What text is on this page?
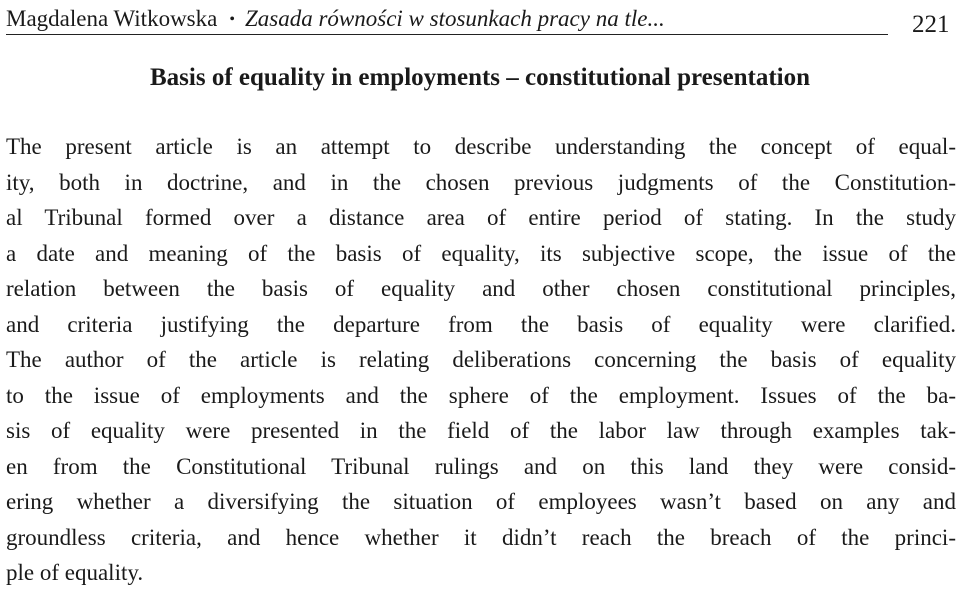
Magdalena Witkowska • Zasada równości w stosunkach pracy na tle...	221
Basis of equality in employments – constitutional presentation
The present article is an attempt to describe understanding the concept of equal-
ity, both in doctrine, and in the chosen previous judgments of the Constitution-
al Tribunal formed over a distance area of entire period of stating. In the study
a date and meaning of the basis of equality, its subjective scope, the issue of the
relation between the basis of equality and other chosen constitutional principles,
and criteria justifying the departure from the basis of equality were clarified.
The author of the article is relating deliberations concerning the basis of equality
to the issue of employments and the sphere of the employment. Issues of the ba-
sis of equality were presented in the field of the labor law through examples tak-
en from the Constitutional Tribunal rulings and on this land they were consid-
ering whether a diversifying the situation of employees wasn’t based on any and
groundless criteria, and hence whether it didn’t reach the breach of the princi-
ple of equality.
